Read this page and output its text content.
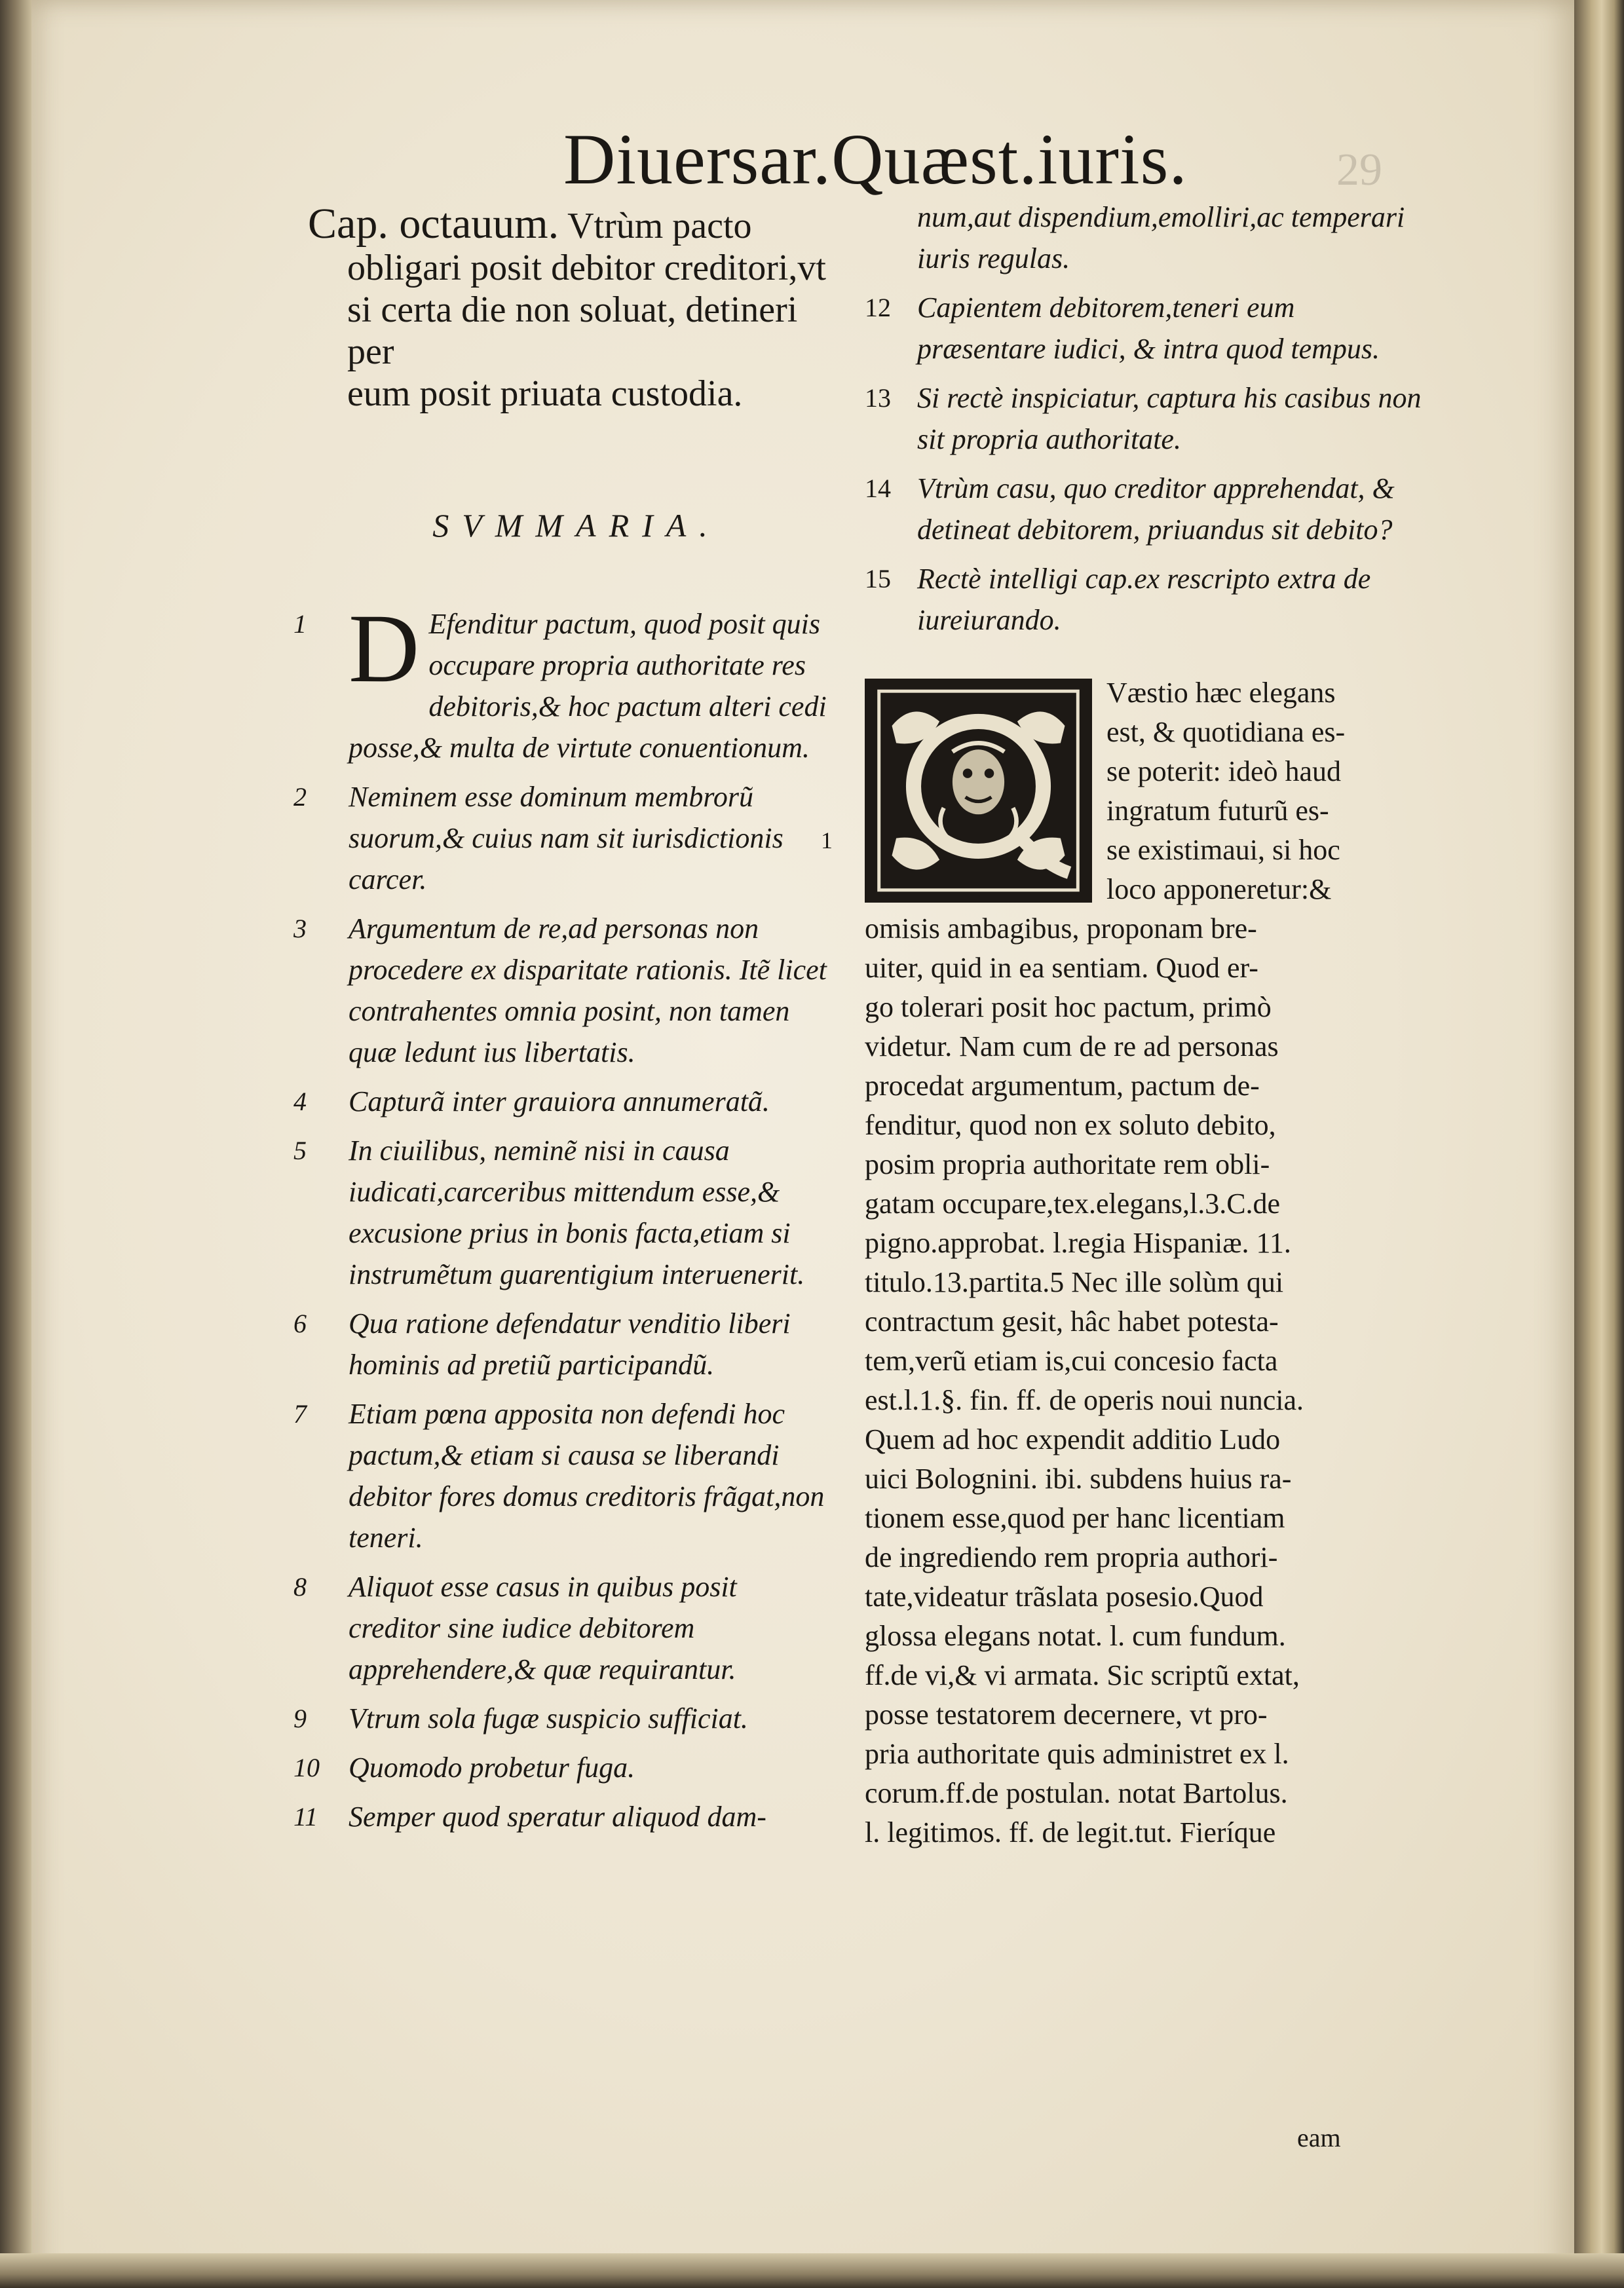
Diuersar.Quæst.iuris.	29

Cap. octauum. Vtrùm pacto
obligari posit debitor creditori,vt
si certa die non soluat, detineri per
eum posit priuata custodia.

SVMMARIA.

1 D Efenditur pactum, quod posit quis occupare propria authoritate res debitoris,& hoc pactum alteri cedi posse,& multa de virtute conuentionum.

2	Neminem esse dominum membrorũ suorum,& cuius nam sit iurisdictionis carcer.

3	Argumentum de re,ad personas non procedere ex disparitate rationis. Itẽ licet contrahentes omnia posint, non tamen quæ ledunt ius libertatis.

4	Capturã inter grauiora annumeratã.

5	In ciuilibus, neminẽ nisi in causa iudicati,carceribus mittendum esse,& excusione prius in bonis facta,etiam si instrumẽtum guarentigium interuenerit.

6	Qua ratione defendatur venditio liberi hominis ad pretiũ participandũ.

7	Etiam pœna apposita non defendi hoc pactum,& etiam si causa se liberandi debitor fores domus creditoris frãgat,non teneri.

8	Aliquot esse casus in quibus posit creditor sine iudice debitorem apprehendere,& quæ requirantur.

9	Vtrum sola fugæ suspicio sufficiat.

10	Quomodo probetur fuga.

11	Semper quod speratur aliquod dam-

num,aut dispendium,emolliri,ac temperari iuris regulas.

12 Capientem debitorem,teneri eum præsentare iudici, & intra quod tempus.

13 Si rectè inspiciatur, captura his casibus non sit propria authoritate.

14 Vtrùm casu, quo creditor apprehendat, & detineat debitorem, priuandus sit debito?

15 Rectè intelligi cap.ex rescripto extra de iureiurando.

Q

Væstio hæc elegans
est, & quotidiana es-
se poterit: ideò haud
ingratum futurũ es-
se existimaui, si hoc
loco apponeretur:&
omisis ambagibus, proponam bre-
uiter, quid in ea sentiam. Quod er-
go tolerari posit hoc pactum, primò
videtur. Nam cum de re ad personas
procedat argumentum, pactum de-
fenditur, quod non ex soluto debito,
posim propria authoritate rem obli-
gatam occupare,tex.elegans,l.3.C.de
pigno.approbat. l.regia Hispaniæ. 11.
titulo.13.partita.5 Nec ille solùm qui
contractum gesit, hâc habet potesta-
tem,verũ etiam is,cui concesio facta
est.l.1.§. fin. ff. de operis noui nuncia.
Quem ad hoc expendit additio Ludo
uici Bolognini. ibi. subdens huius ra-
tionem esse,quod per hanc licentiam
de ingrediendo rem propria authori-
tate,videatur trãslata posesio.Quod
glossa elegans notat. l. cum fundum.
ff.de vi,& vi armata. Sic scriptũ extat,
posse testatorem decernere, vt pro-
pria authoritate quis administret ex l.
corum.ff.de postulan. notat Bartolus.
l. legitimos. ff. de legit.tut. Fieríque

1

eam
